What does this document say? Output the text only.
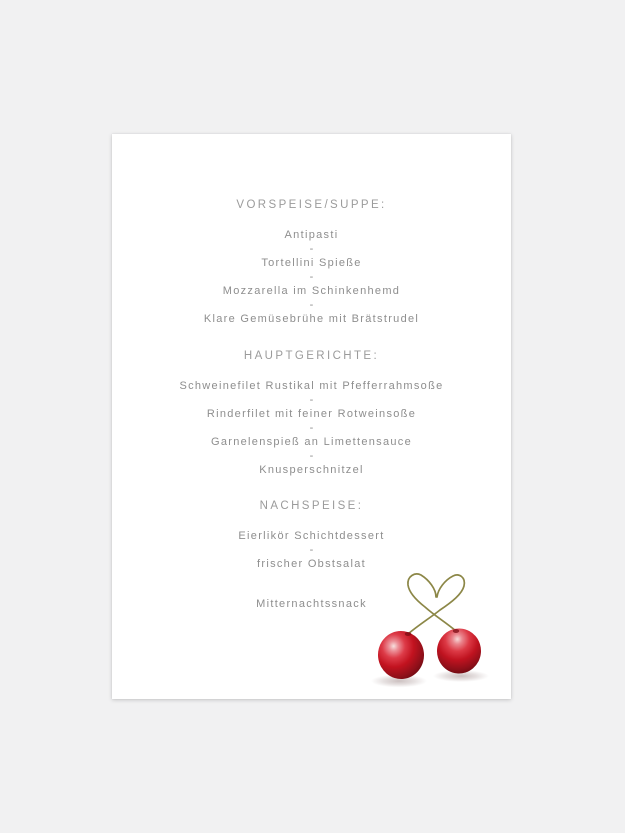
VORSPEISE/SUPPE:
Antipasti
-
Tortellini Spieße
-
Mozzarella im Schinkenhemd
-
Klare Gemüsebrühe mit Brätstrudel
HAUPTGERICHTE:
Schweinefilet Rustikal mit Pfefferrahmsoße
-
Rinderfilet mit feiner Rotweinsoße
-
Garnelenspieß an Limettensauce
-
Knusperschnitzel
NACHSPEISE:
Eierlikör Schichtdessert
-
frischer Obstsalat
Mitternachtssnack
